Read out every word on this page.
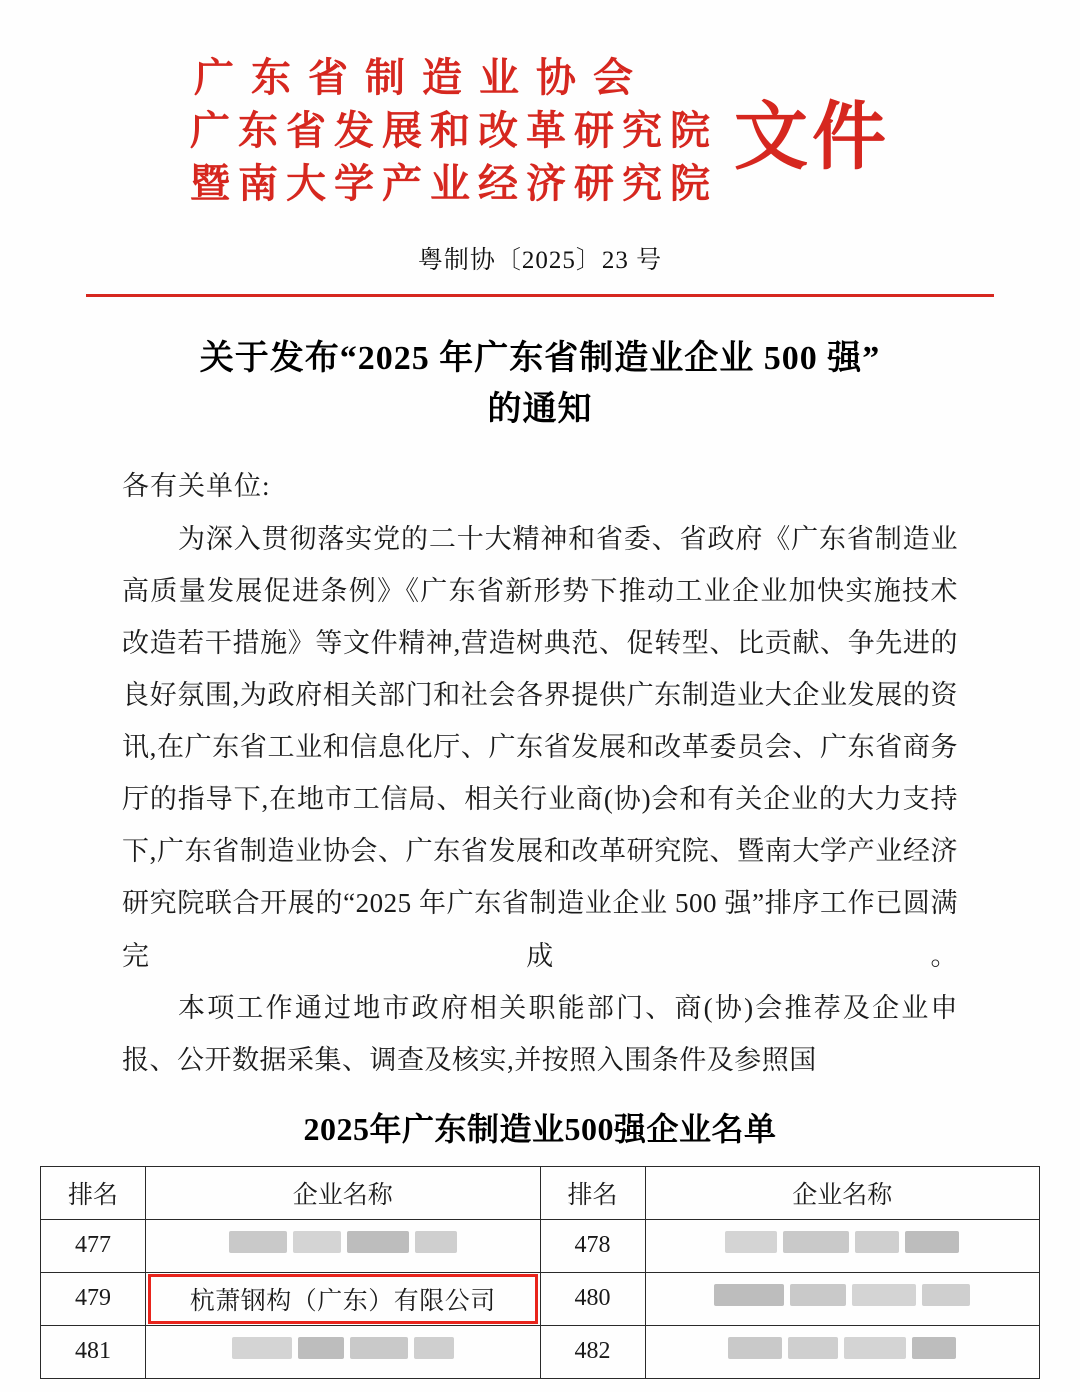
广东省制造业协会
广东省发展和改革研究院
暨南大学产业经济研究院
文件
粤制协〔2025〕23 号
关于发布“2025 年广东省制造业企业 500 强”
的通知
各有关单位:
为深入贯彻落实党的二十大精神和省委、省政府《广东省制造业高质量发展促进条例》《广东省新形势下推动工业企业加快实施技术改造若干措施》等文件精神,营造树典范、促转型、比贡献、争先进的良好氛围,为政府相关部门和社会各界提供广东制造业大企业发展的资讯,在广东省工业和信息化厅、广东省发展和改革委员会、广东省商务厅的指导下,在地市工信局、相关行业商(协)会和有关企业的大力支持下,广东省制造业协会、广东省发展和改革研究院、暨南大学产业经济研究院联合开展的“2025 年广东省制造业企业 500 强”排序工作已圆满完成。
本项工作通过地市政府相关职能部门、商(协)会推荐及企业申报、公开数据采集、调查及核实,并按照入围条件及参照国
2025年广东制造业500强企业名单
排名	企业名称	排名	企业名称
477		478	

479	杭萧钢构（广东）有限公司	480	

481		482	
